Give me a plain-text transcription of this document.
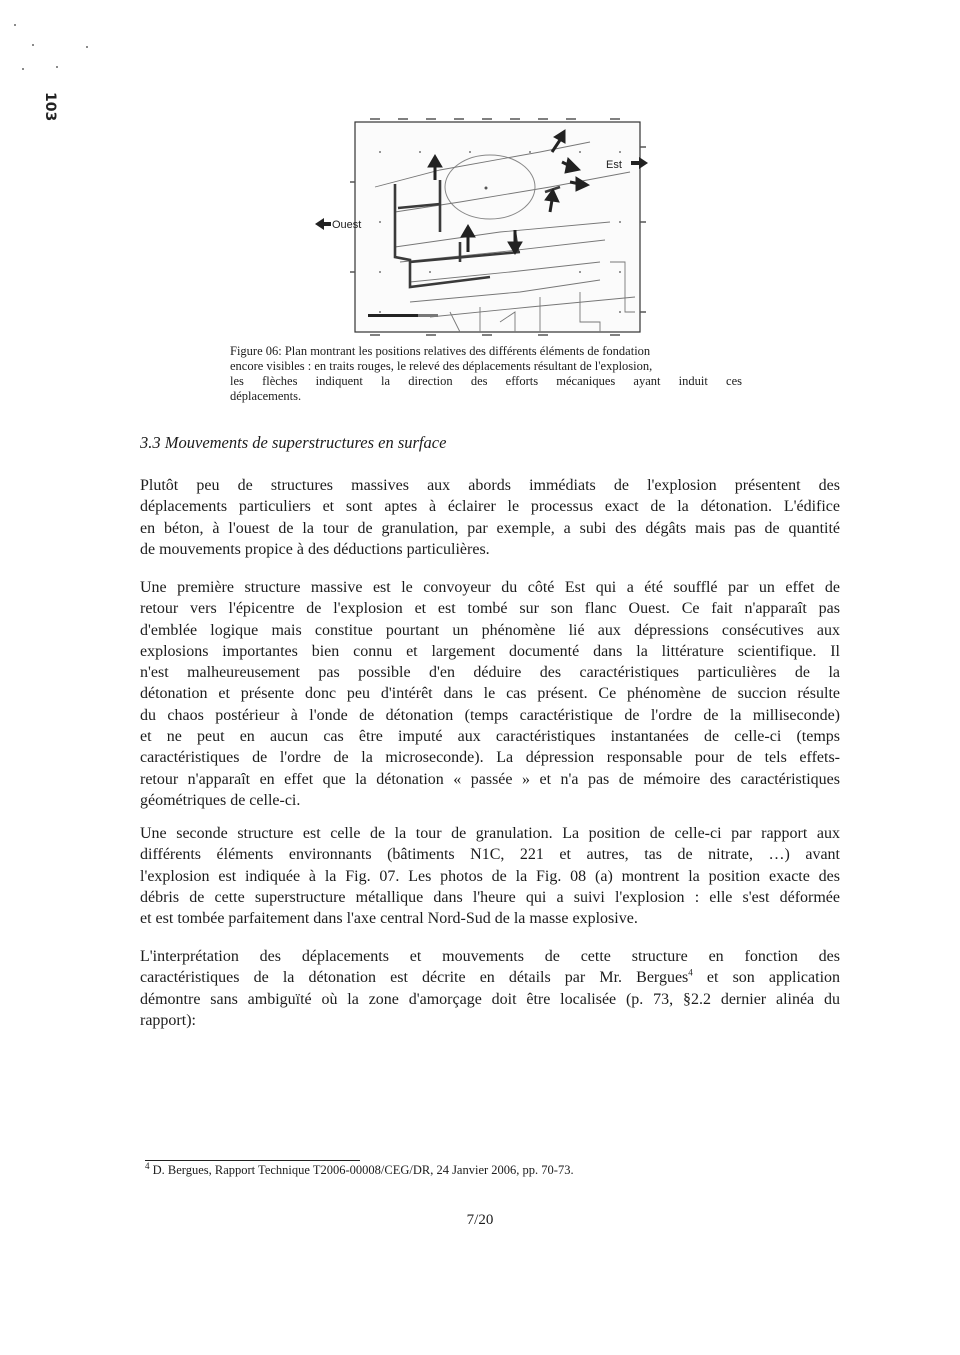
103
Ouest
Est
Figure 06: Plan montrant les positions relatives des différents éléments de fondation
encore visibles : en traits rouges, le relevé des déplacements résultant de l'explosion,
les flèches indiquent la direction des efforts mécaniques ayant induit ces
déplacements.
3.3 Mouvements de superstructures en surface
Plutôt peu de structures massives aux abords immédiats de l'explosion présentent des
déplacements particuliers et sont aptes à éclairer le processus exact de la détonation. L'édifice
en béton, à l'ouest de la tour de granulation, par exemple, a subi des dégâts mais pas de quantité
de mouvements propice à des déductions particulières.
Une première structure massive est le convoyeur du côté Est qui a été soufflé par un effet de
retour vers l'épicentre de l'explosion et est tombé sur son flanc Ouest. Ce fait n'apparaît pas
d'emblée logique mais constitue pourtant un phénomène lié aux dépressions consécutives aux
explosions importantes bien connu et largement documenté dans la littérature scientifique. Il
n'est malheureusement pas possible d'en déduire des caractéristiques particulières de la
détonation et présente donc peu d'intérêt dans le cas présent. Ce phénomène de succion résulte
du chaos postérieur à l'onde de détonation (temps caractéristique de l'ordre de la milliseconde)
et ne peut en aucun cas être imputé aux caractéristiques instantanées de celle-ci (temps
caractéristiques de l'ordre de la microseconde). La dépression responsable pour de tels effets-
retour n'apparaît en effet que la détonation « passée » et n'a pas de mémoire des caractéristiques
géométriques de celle-ci.
Une seconde structure est celle de la tour de granulation. La position de celle-ci par rapport aux
différents éléments environnants (bâtiments N1C, 221 et autres, tas de nitrate, …) avant
l'explosion est indiquée à la Fig. 07. Les photos de la Fig. 08 (a) montrent la position exacte des
débris de cette superstructure métallique dans l'heure qui a suivi l'explosion : elle s'est déformée
et est tombée parfaitement dans l'axe central Nord-Sud de la masse explosive.
L'interprétation des déplacements et mouvements de cette structure en fonction des
caractéristiques de la détonation est décrite en détails par Mr. Bergues$^4$ et son application
démontre sans ambiguïté où la zone d'amorçage doit être localisée (p. 73, §2.2 dernier alinéa du
rapport):
$^4$ D. Bergues, Rapport Technique T2006-00008/CEG/DR, 24 Janvier 2006, pp. 70-73.
7/20
